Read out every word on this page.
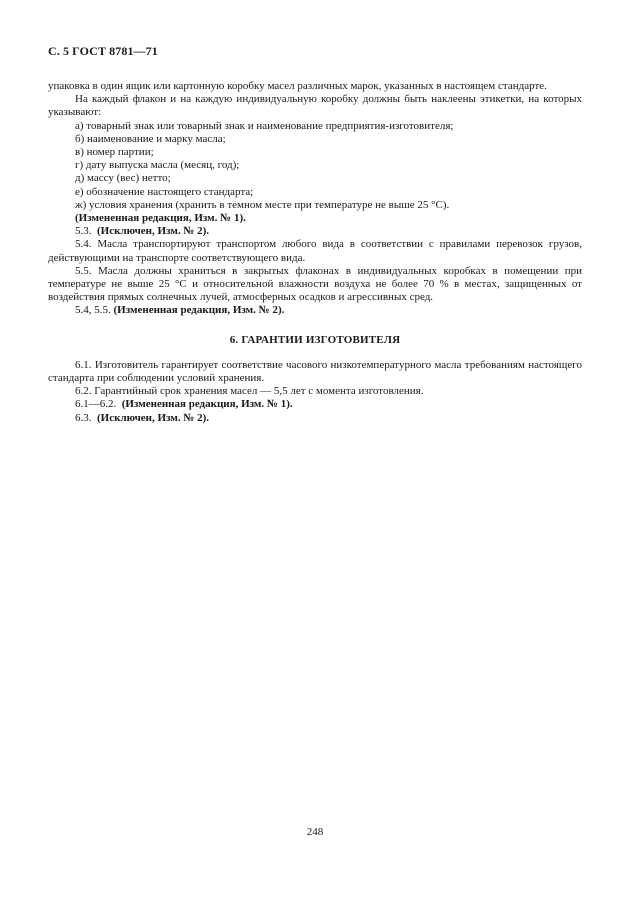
С. 5 ГОСТ 8781—71

упаковка в один ящик или картонную коробку масел различных марок, указанных в настоящем стандарте.

На каждый флакон и на каждую индивидуальную коробку должны быть наклеены этикетки, на которых указывают:

а) товарный знак или товарный знак и наименование предприятия-изготовителя;

б) наименование и марку масла;

в) номер партии;

г) дату выпуска масла (месяц, год);

д) массу (вес) нетто;

е) обозначение настоящего стандарта;

ж) условия хранения (хранить в темном месте при температуре не выше 25 °С).

(Измененная редакция, Изм. № 1).

5.3. (Исключен, Изм. № 2).

5.4. Масла транспортируют транспортом любого вида в соответствии с правилами перевозок грузов, действующими на транспорте соответствующего вида.

5.5. Масла должны храниться в закрытых флаконах в индивидуальных коробках в помещении при температуре не выше 25 °С и относительной влажности воздуха не более 70 % в местах, защищенных от воздействия прямых солнечных лучей, атмосферных осадков и агрессивных сред.

5.4, 5.5. (Измененная редакция, Изм. № 2).

6. ГАРАНТИИ ИЗГОТОВИТЕЛЯ

6.1. Изготовитель гарантирует соответствие часового низкотемпературного масла требованиям настоящего стандарта при соблюдении условий хранения.

6.2. Гарантийный срок хранения масел — 5,5 лет с момента изготовления.

6.1—6.2. (Измененная редакция, Изм. № 1).

6.3. (Исключен, Изм. № 2).

248
